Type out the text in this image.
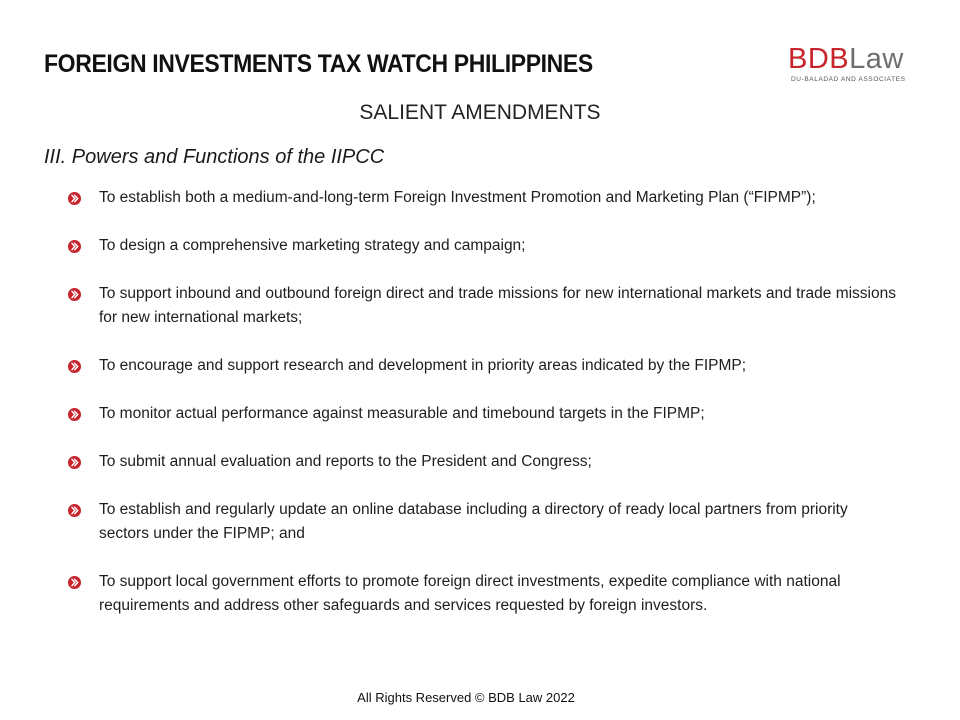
FOREIGN INVESTMENTS TAX WATCH PHILIPPINES	BDBLaw
DU-BALADAD AND ASSOCIATES
SALIENT AMENDMENTS
III. Powers and Functions of the IIPCC
To establish both a medium-and-long-term Foreign Investment Promotion and Marketing Plan (“FIPMP”);
To design a comprehensive marketing strategy and campaign;
To support inbound and outbound foreign direct and trade missions for new international markets and trade missions for new international markets;
To encourage and support research and development in priority areas indicated by the FIPMP;
To monitor actual performance against measurable and timebound targets in the FIPMP;
To submit annual evaluation and reports to the President and Congress;
To establish and regularly update an online database including a directory of ready local partners from priority sectors under the FIPMP; and
To support local government efforts to promote foreign direct investments, expedite compliance with national requirements and address other safeguards and services requested by foreign investors.
All Rights Reserved © BDB Law 2022
